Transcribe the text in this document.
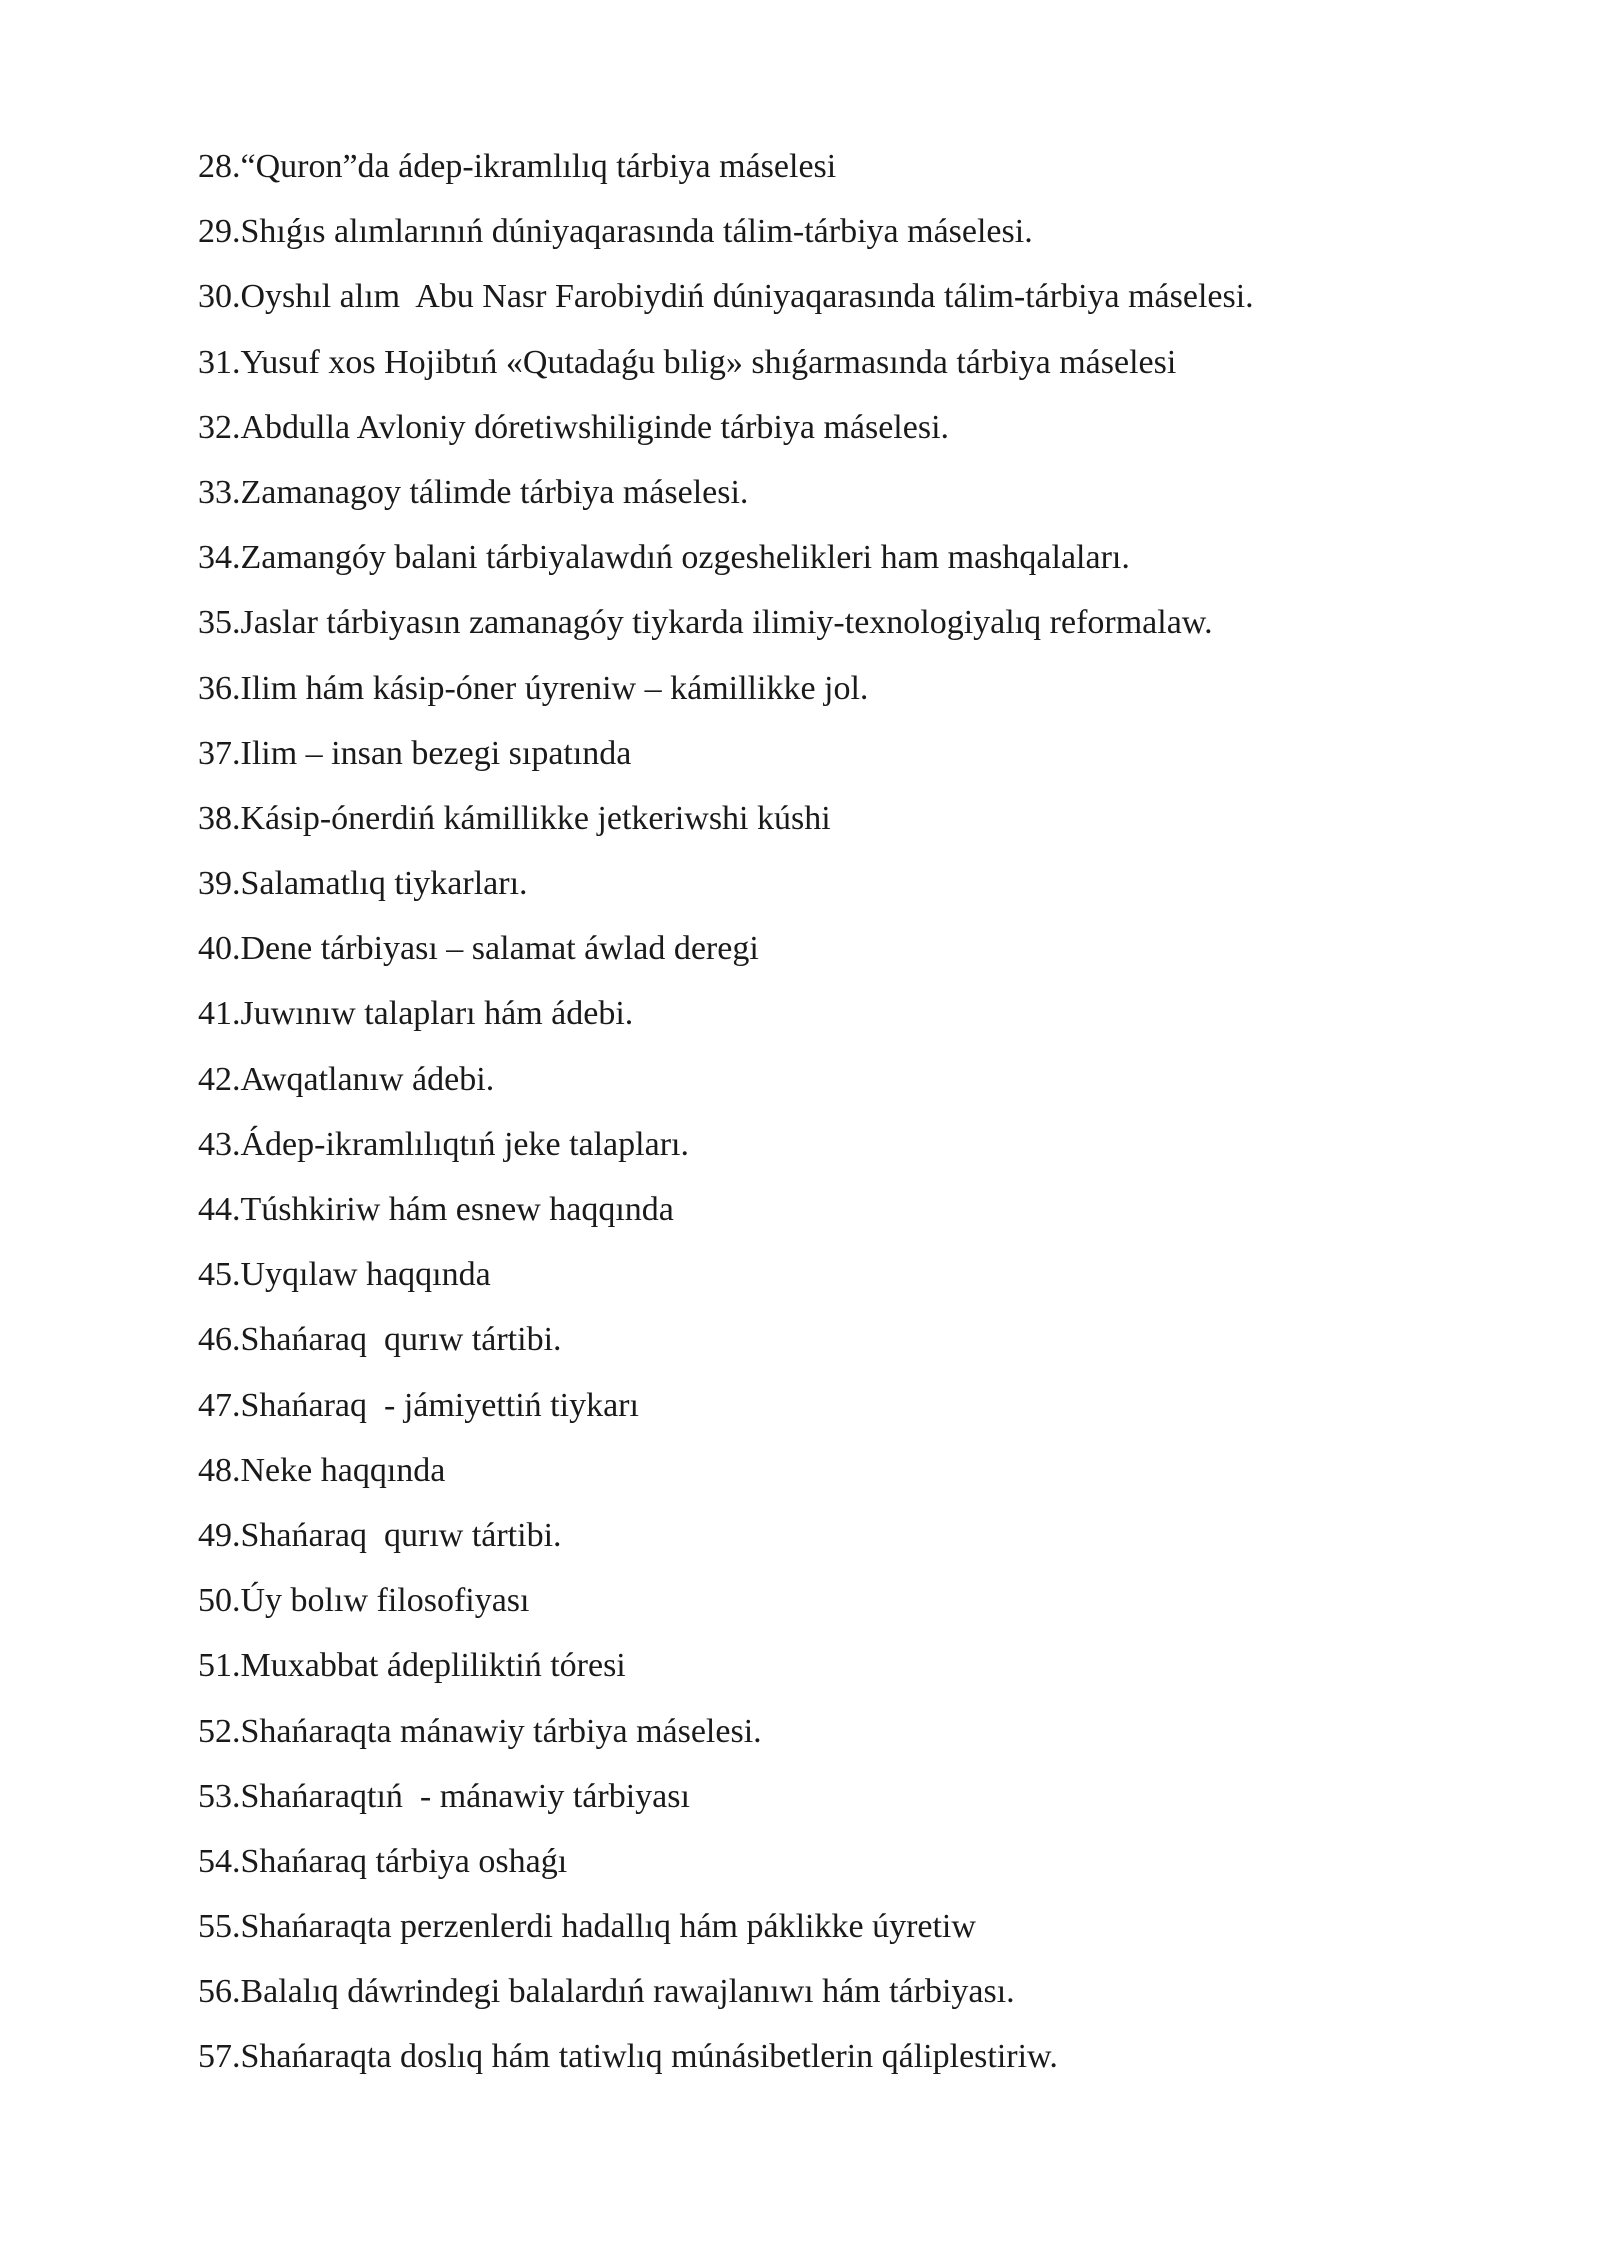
28. “Quron”da ádep-ikramlılıq tárbiya máselesi
29. Shıǵıs alımlarınıń dúniyaqarasında tálim-tárbiya máselesi.
30. Oyshıl alım  Abu Nasr Farobiydiń dúniyaqarasında tálim-tárbiya máselesi.
31. Yusuf xos Hojibtıń «Qutadaǵu bılig» shıǵarmasında tárbiya máselesi
32. Abdulla Avloniy dóretiwshiliginde tárbiya máselesi.
33. Zamanagoy tálimde tárbiya máselesi.
34. Zamangóy balani tárbiyalawdıń ozgeshelikleri ham mashqalaları.
35. Jaslar tárbiyasın zamanagóy tiykarda ilimiy-texnologiyalıq reformalaw.
36. Ilim hám kásip-óner úyreniw – kámillikke jol.
37. Ilim – insan bezegi sıpatında
38. Kásip-ónerdiń kámillikke jetkeriwshi kúshi
39. Salamatlıq tiykarları.
40. Dene tárbiyası – salamat áwlad deregi
41. Juwınıw talapları hám ádebi.
42. Awqatlanıw ádebi.
43. Ádep-ikramlılıqtıń jeke talapları.
44. Túshkiriw hám esnew haqqında
45. Uyqılaw haqqında
46. Shańaraq  qurıw tártibi.
47. Shańaraq  - jámiyettiń tiykarı
48. Neke haqqında
49. Shańaraq  qurıw tártibi.
50. Úy bolıw filosofiyası
51. Muxabbat ádepliliktiń tóresi
52. Shańaraqta mánawiy tárbiya máselesi.
53. Shańaraqtıń  - mánawiy tárbiyası
54. Shańaraq tárbiya oshaǵı
55. Shańaraqta perzenlerdi hadallıq hám páklikke úyretiw
56. Balalıq dáwrindegi balalardıń rawajlanıwı hám tárbiyası.
57. Shańaraqta doslıq hám tatiwlıq múnásibetlerin qáliplestiriw.
